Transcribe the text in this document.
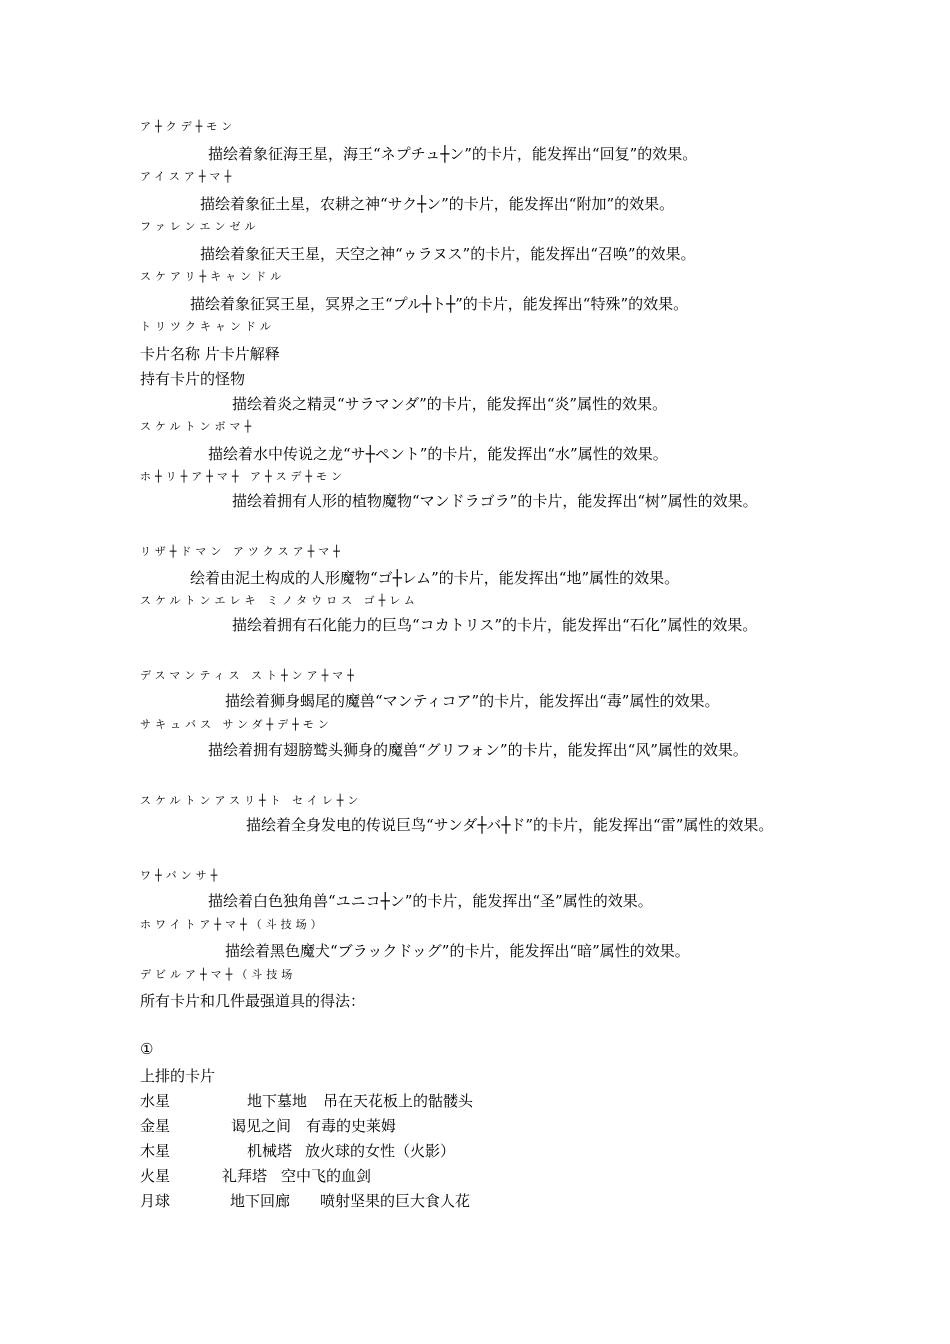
ア┼クデ┼モン
描绘着象征海王星，海王“ネプチュ┼ン”的卡片，能发挥出“回复”的效果。
アイスア┼マ┼
描绘着象征土星，农耕之神“サク┼ン”的卡片，能发挥出“附加”的效果。
ファレンエンゼル
描绘着象征天王星，天空之神“ゥラヌス”的卡片，能发挥出“召唤”的效果。
スケアリ┼キャンドル
描绘着象征冥王星，冥界之王“プル┼ト┼”的卡片，能发挥出“特殊”的效果。
トリツクキャンドル
卡片名称 片卡片解释
持有卡片的怪物
描绘着炎之精灵“サラマンダ”的卡片，能发挥出“炎”属性的效果。
スケルトンボマ┼
描绘着水中传说之龙“サ┼ペント”的卡片，能发挥出“水”属性的效果。
ホ┼リ┼ア┼マ┼ ア┼スデ┼モン
描绘着拥有人形的植物魔物“マンドラゴラ”的卡片，能发挥出“树”属性的效果。
リザ┼ドマン アツクスア┼マ┼
绘着由泥土构成的人形魔物“ゴ┼レム”的卡片，能发挥出“地”属性的效果。
スケルトンエレキ ミノタウロス ゴ┼レム
描绘着拥有石化能力的巨鸟“コカトリス”的卡片，能发挥出“石化”属性的效果。
デスマンティス スト┼ンア┼マ┼
描绘着狮身蝎尾的魔兽“マンティコア”的卡片，能发挥出“毒”属性的效果。
サキュバス サンダ┼デ┼モン
描绘着拥有翅膀鹫头狮身的魔兽“グリフォン”的卡片，能发挥出“风”属性的效果。
スケルトンアスリ┼ト セイレ┼ン
描绘着全身发电的传说巨鸟“サンダ┼バ┼ド”的卡片，能发挥出“雷”属性的效果。
ワ┼バンサ┼
描绘着白色独角兽“ユニコ┼ン”的卡片，能发挥出“圣”属性的效果。
ホワイトア┼マ┼（斗技场）
描绘着黑色魔犬“ブラックドッグ”的卡片，能发挥出“暗”属性的效果。
デビルア┼マ┼（斗技场
所有卡片和几件最强道具的得法：
①
上排的卡片
水星	地下墓地 吊在天花板上的骷髅头
金星	谒见之间 有毒的史莱姆
木星	机械塔 放火球的女性（火影）
火星	礼拜塔 空中飞的血剑
月球	地下回廊 喷射坚果的巨大食人花
